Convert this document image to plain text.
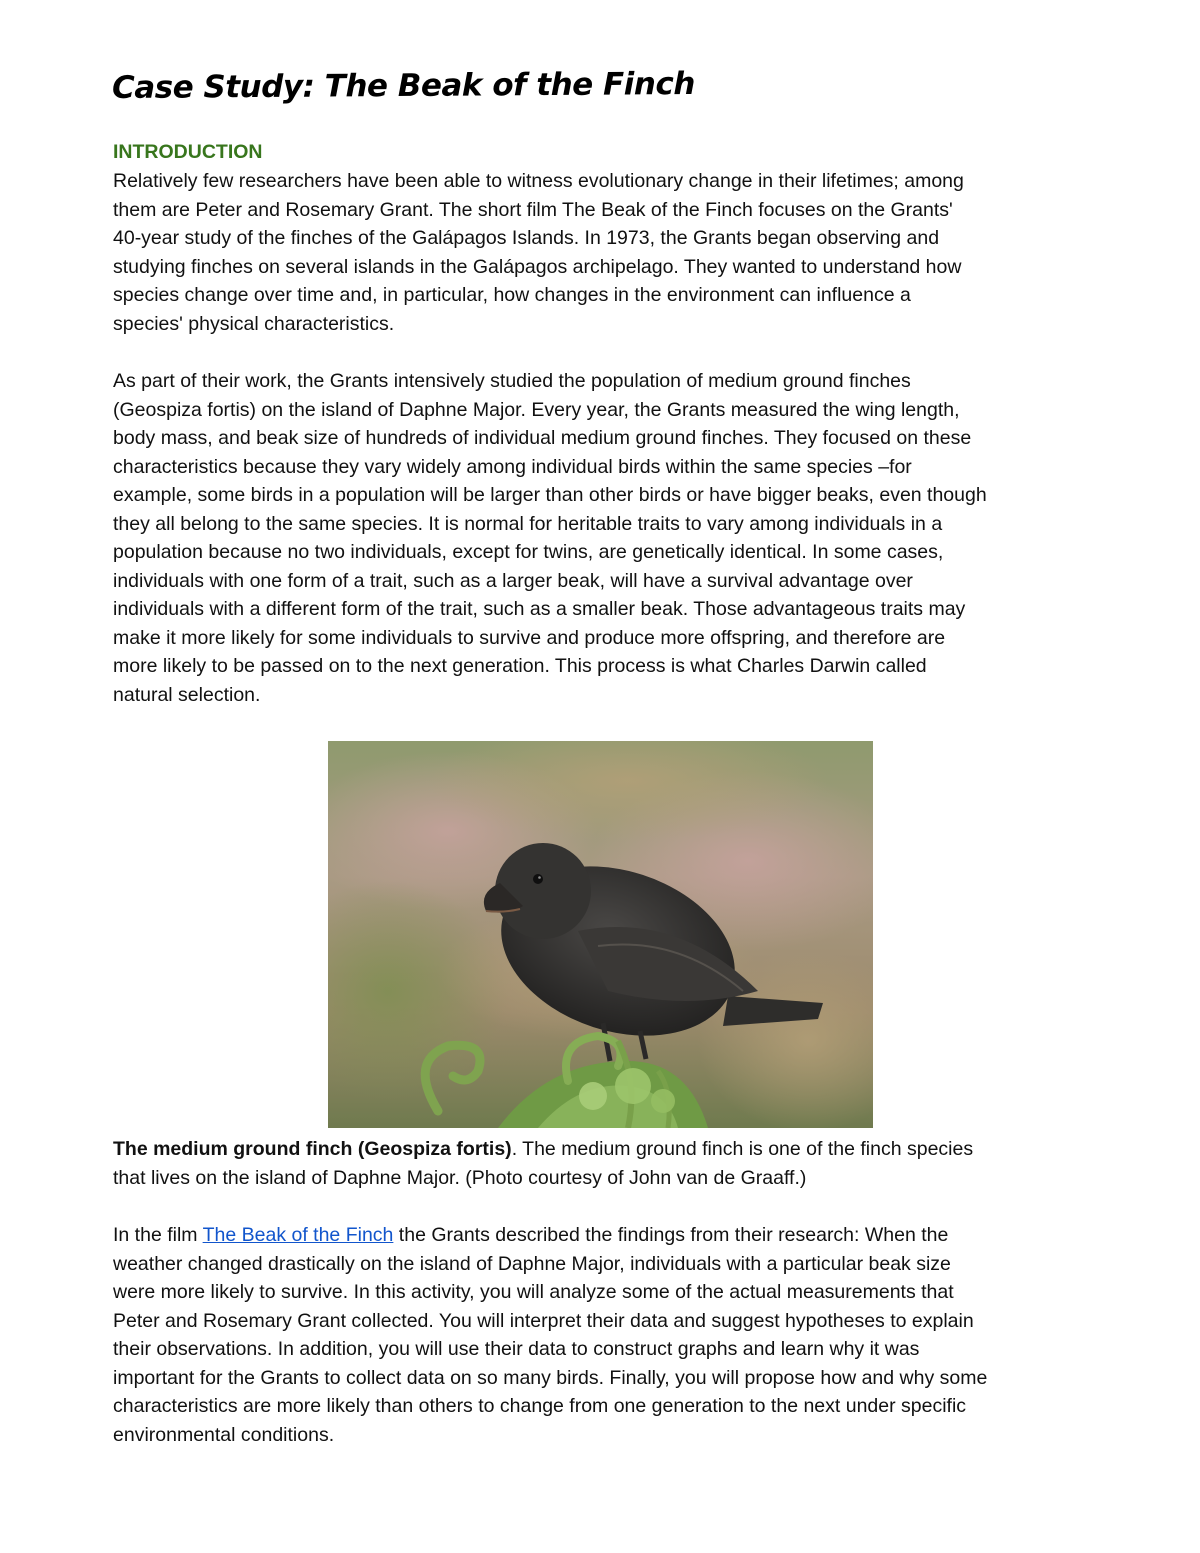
Case Study: The Beak of the Finch
INTRODUCTION

Relatively few researchers have been able to witness evolutionary change in their lifetimes; among
them are Peter and Rosemary Grant. The short film The Beak of the Finch focuses on the Grants'
40-year study of the finches of the Galápagos Islands. In 1973, the Grants began observing and
studying finches on several islands in the Galápagos archipelago. They wanted to understand how
species change over time and, in particular, how changes in the environment can influence a
species' physical characteristics.

As part of their work, the Grants intensively studied the population of medium ground finches
(Geospiza fortis) on the island of Daphne Major. Every year, the Grants measured the wing length,
body mass, and beak size of hundreds of individual medium ground finches. They focused on these
characteristics because they vary widely among individual birds within the same species –for
example, some birds in a population will be larger than other birds or have bigger beaks, even though
they all belong to the same species. It is normal for heritable traits to vary among individuals in a
population because no two individuals, except for twins, are genetically identical. In some cases,
individuals with one form of a trait, such as a larger beak, will have a survival advantage over
individuals with a different form of the trait, such as a smaller beak. Those advantageous traits may
make it more likely for some individuals to survive and produce more offspring, and therefore are
more likely to be passed on to the next generation. This process is what Charles Darwin called
natural selection.

The medium ground finch (Geospiza fortis). The medium ground finch is one of the finch species
that lives on the island of Daphne Major. (Photo courtesy of John van de Graaff.)

In the film The Beak of the Finch the Grants described the findings from their research: When the
weather changed drastically on the island of Daphne Major, individuals with a particular beak size
were more likely to survive. In this activity, you will analyze some of the actual measurements that
Peter and Rosemary Grant collected. You will interpret their data and suggest hypotheses to explain
their observations. In addition, you will use their data to construct graphs and learn why it was
important for the Grants to collect data on so many birds. Finally, you will propose how and why some
characteristics are more likely than others to change from one generation to the next under specific
environmental conditions.
